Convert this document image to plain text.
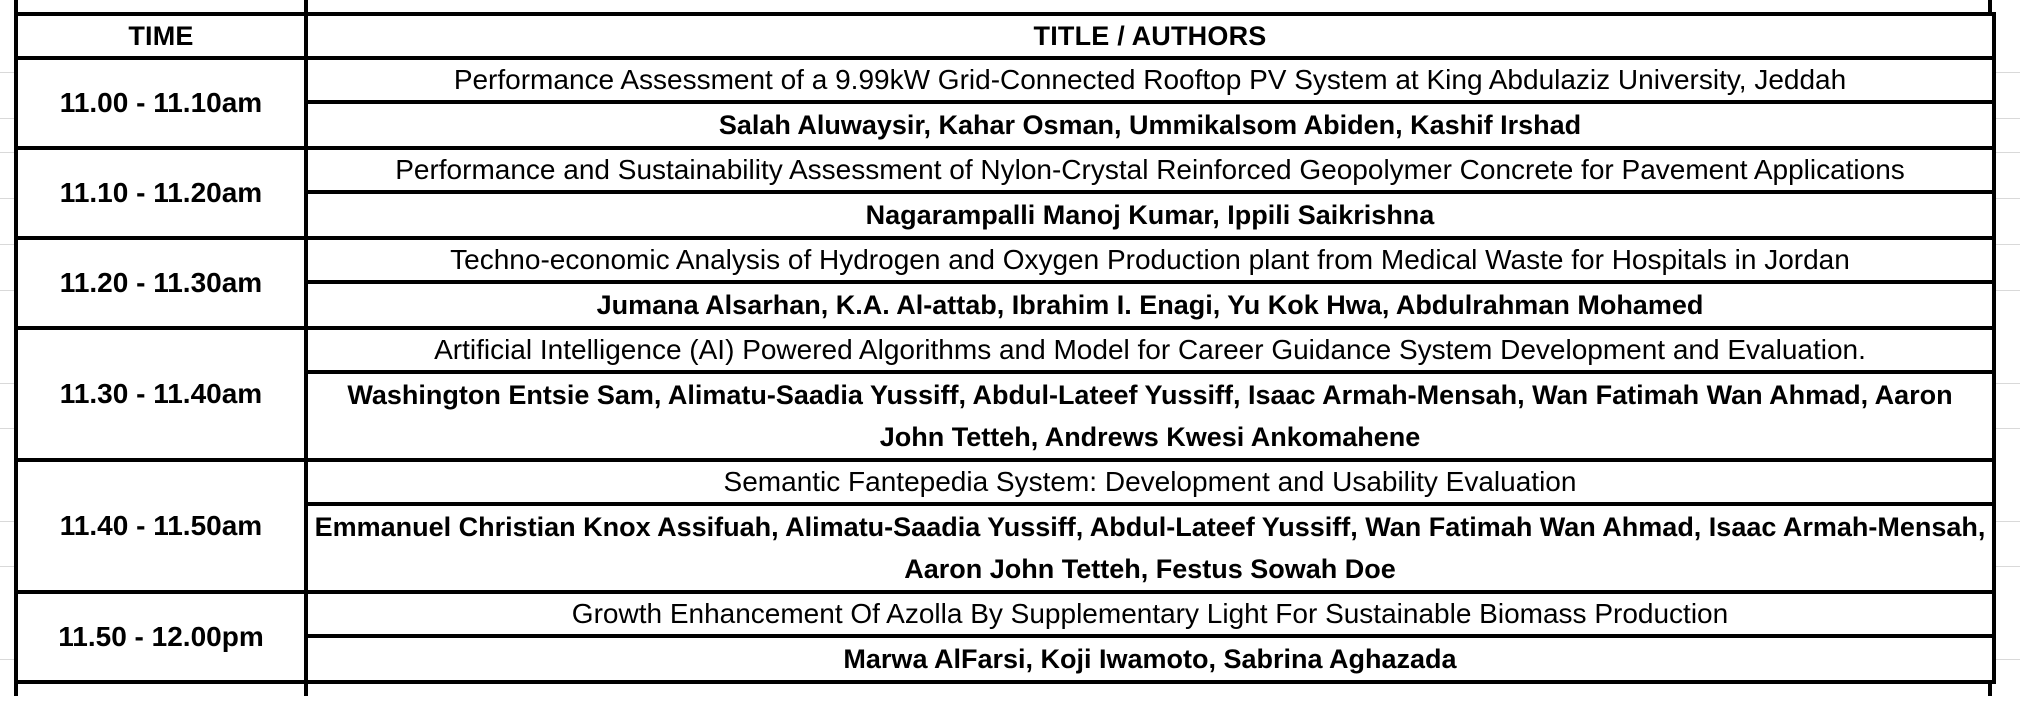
TIME	TITLE / AUTHORS
11.00 - 11.10am	Performance Assessment of a 9.99kW Grid-Connected Rooftop PV System at King Abdulaziz University, Jeddah
	Salah Aluwaysir, Kahar Osman, Ummikalsom Abiden, Kashif Irshad
11.10 - 11.20am	Performance and Sustainability Assessment of Nylon-Crystal Reinforced Geopolymer Concrete for Pavement Applications
	Nagarampalli Manoj Kumar, Ippili Saikrishna
11.20 - 11.30am	Techno-economic Analysis of Hydrogen and Oxygen Production plant from Medical Waste for Hospitals in Jordan
	Jumana Alsarhan, K.A. Al-attab, Ibrahim I. Enagi, Yu Kok Hwa, Abdulrahman Mohamed
11.30 - 11.40am	Artificial Intelligence (AI) Powered Algorithms and Model for Career Guidance System Development and Evaluation.
	Washington Entsie Sam, Alimatu-Saadia Yussiff, Abdul-Lateef Yussiff, Isaac Armah-Mensah, Wan Fatimah Wan Ahmad, Aaron John Tetteh, Andrews Kwesi Ankomahene
11.40 - 11.50am	Semantic Fantepedia System: Development and Usability Evaluation
	Emmanuel Christian Knox Assifuah, Alimatu-Saadia Yussiff, Abdul-Lateef Yussiff, Wan Fatimah Wan Ahmad, Isaac Armah-Mensah, Aaron John Tetteh, Festus Sowah Doe
11.50 - 12.00pm	Growth Enhancement Of Azolla By Supplementary Light For Sustainable Biomass Production
	Marwa AlFarsi, Koji Iwamoto, Sabrina Aghazada
